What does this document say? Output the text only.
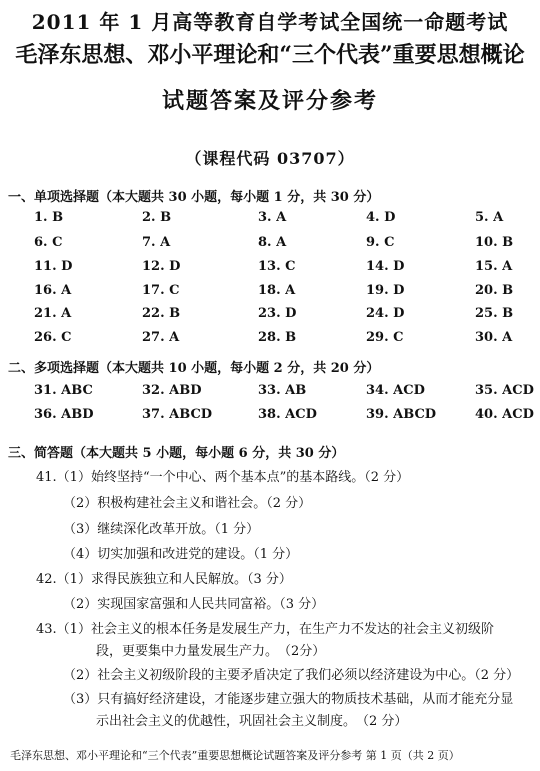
2011 年 1 月高等教育自学考试全国统一命题考试
毛泽东思想、邓小平理论和“三个代表”重要思想概论
试题答案及评分参考
（课程代码 03707）
一、单项选择题（本大题共 30 小题，每小题 1 分，共 30 分）
1. B	2. B	3. A	4. D	5. A
6. C	7. A	8. A	9. C	10. B
11. D	12. D	13. C	14. D	15. A
16. A	17. C	18. A	19. D	20. B
21. A	22. B	23. D	24. D	25. B
26. C	27. A	28. B	29. C	30. A
二、多项选择题（本大题共 10 小题，每小题 2 分，共 20 分）
31. ABC	32. ABD	33. AB	34. ACD	35. ACD
36. ABD	37. ABCD	38. ACD	39. ABCD	40. ACD
三、简答题（本大题共 5 小题，每小题 6 分，共 30 分）
41.（1）始终坚持“一个中心、两个基本点”的基本路线。（2 分）
（2）积极构建社会主义和谐社会。（2 分）
（3）继续深化改革开放。（1 分）
（4）切实加强和改进党的建设。（1 分）
42.（1）求得民族独立和人民解放。（3 分）
（2）实现国家富强和人民共同富裕。（3 分）
43.（1）社会主义的根本任务是发展生产力，在生产力不发达的社会主义初级阶
段，更要集中力量发展生产力。　（2分）
（2）社会主义初级阶段的主要矛盾决定了我们必须以经济建设为中心。（2 分）
（3）只有搞好经济建设，才能逐步建立强大的物质技术基础，从而才能充分显
示出社会主义的优越性，巩固社会主义制度。　（2 分）
毛泽东思想、邓小平理论和“三个代表”重要思想概论试题答案及评分参考 第 1 页（共 2 页）
